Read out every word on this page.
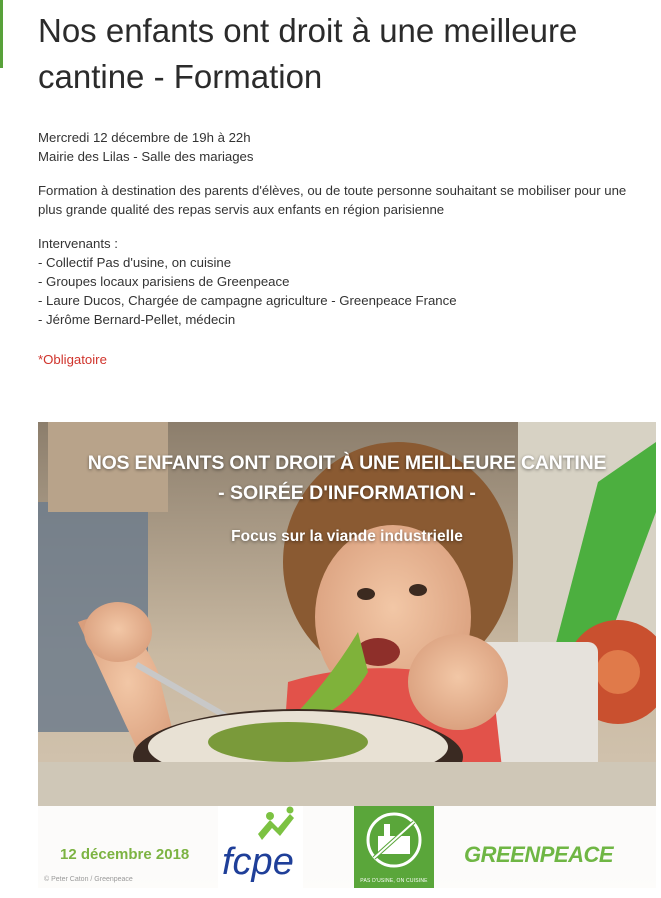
Nos enfants ont droit à une meilleure cantine - Formation

Mercredi 12 décembre de 19h à 22h

Mairie des Lilas - Salle des mariages

Formation à destination des parents d'élèves, ou de toute personne souhaitant se mobiliser pour une plus grande qualité des repas servis aux enfants en région parisienne

Intervenants :

- Collectif Pas d'usine, on cuisine

- Groupes locaux parisiens de Greenpeace

- Laure Ducos, Chargée de campagne agriculture - Greenpeace France

- Jérôme Bernard-Pellet, médecin

*Obligatoire
NOS ENFANTS ONT DROIT À UNE MEILLEURE CANTINE
- SOIRÉE D'INFORMATION -
Focus sur la viande industrielle
12 décembre 2018
© Peter Caton / Greenpeace fcpe	PAS D'USINE, ON CUISINE
GREENPEACE
